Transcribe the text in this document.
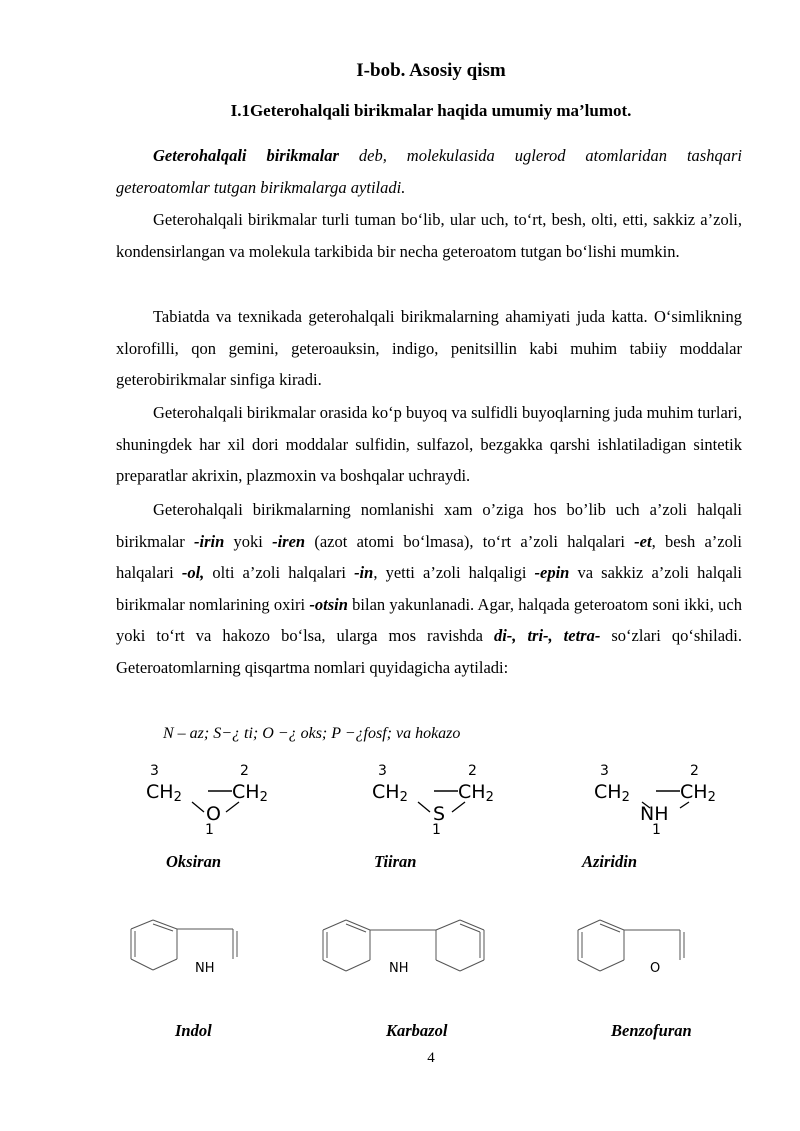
I-bob. Asosiy qism
I.1Geterohalqali birikmalar haqida umumiy ma’lumot.

Geterohalqali birikmalar deb, molekulasida uglerod atomlaridan tashqari geteroatomlar tutgan birikmalarga aytiladi.

Geterohalqali birikmalar turli tuman bo‘lib, ular uch, to‘rt, besh, olti, etti, sakkiz a’zoli, kondensirlangan va molekula tarkibida bir necha geteroatom tutgan bo‘lishi mumkin.

Tabiatda va texnikada geterohalqali birikmalarning ahamiyati juda katta. O‘simlikning xlorofilli, qon gemini, geteroauksin, indigo, penitsillin kabi muhim tabiiy moddalar geterobirikmalar sinfiga kiradi.

Geterohalqali birikmalar orasida ko‘p buyoq va sulfidli buyoqlarning juda muhim turlari, shuningdek har xil dori moddalar sulfidin, sulfazol, bezgakka qarshi ishlatiladigan sintetik preparatlar akrixin, plazmoxin va boshqalar uchraydi.

Geterohalqali birikmalarning nomlanishi xam o’ziga hos bo’lib uch a’zoli halqali birikmalar -irin yoki -iren (azot atomi bo‘lmasa), to‘rt a’zoli halqalari -et, besh a’zoli halqalari -ol, olti a’zoli halqalari -in, yetti a’zoli halqaligi -epin va sakkiz a’zoli halqali birikmalar nomlarining oxiri -otsin bilan yakunlanadi. Agar, halqada geteroatom soni ikki, uch yoki to‘rt va hakozo bo‘lsa, ularga mos ravishda di-, tri-, tetra- so‘zlari qo‘shiladi. Geteroatomlarning qisqartma nomlari quyidagicha aytiladi:

N – az; S−¿ ti; O −¿ oks; P −¿fosf; va hokazo

3	2
CH2	CH2
O
1
3	2
CH2	CH2
S
1
3	2
CH2	CH2
NH
1
Oksiran	Tiiran	Aziridin
NH	NH	O
Indol	Karbazol	Benzofuran
4
